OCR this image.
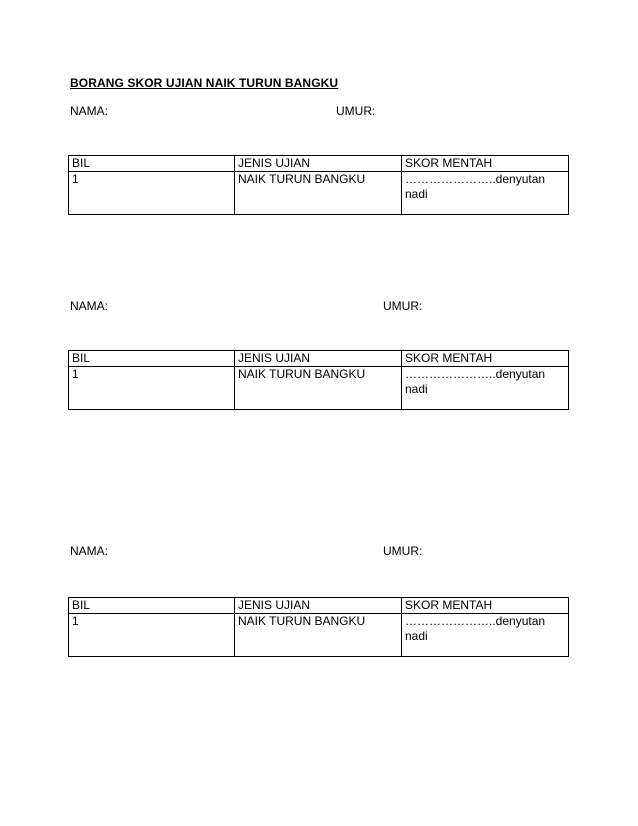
BORANG SKOR UJIAN NAIK TURUN BANGKU
NAMA:	UMUR:
BIL	JENIS UJIAN	SKOR MENTAH
1	NAIK TURUN BANGKU	…………………..denyutan
nadi
NAMA:	UMUR:
BIL	JENIS UJIAN	SKOR MENTAH
1	NAIK TURUN BANGKU	…………………..denyutan
nadi
NAMA:	UMUR:
BIL	JENIS UJIAN	SKOR MENTAH
1	NAIK TURUN BANGKU	…………………..denyutan
nadi
